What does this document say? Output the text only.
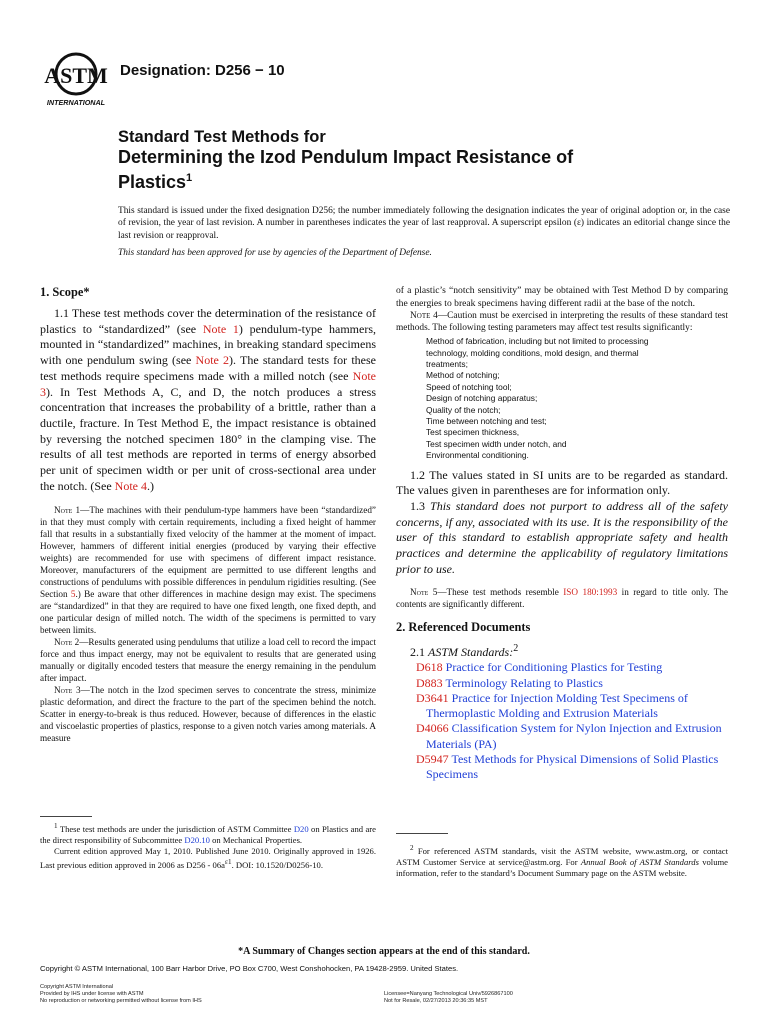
ASTM
INTERNATIONAL
Designation: D256 − 10
Standard Test Methods for
Determining the Izod Pendulum Impact Resistance of
Plastics$^1$
This standard is issued under the fixed designation D256; the number immediately following the designation indicates the year of original adoption or, in the case of revision, the year of last revision. A number in parentheses indicates the year of last reapproval. A superscript epsilon (ε) indicates an editorial change since the last revision or reapproval.
This standard has been approved for use by agencies of the Department of Defense.
1. Scope*

1.1 These test methods cover the determination of the resistance of plastics to “standardized” (see Note 1) pendulum-type hammers, mounted in “standardized” machines, in breaking standard specimens with one pendulum swing (see Note 2). The standard tests for these test methods require specimens made with a milled notch (see Note 3). In Test Methods A, C, and D, the notch produces a stress concentration that increases the probability of a brittle, rather than a ductile, fracture. In Test Method E, the impact resistance is obtained by reversing the notched specimen 180° in the clamping vise. The results of all test methods are reported in terms of energy absorbed per unit of specimen width or per unit of cross-sectional area under the notch. (See Note 4.)

Note 1—The machines with their pendulum-type hammers have been “standardized” in that they must comply with certain requirements, including a fixed height of hammer fall that results in a substantially fixed velocity of the hammer at the moment of impact. However, hammers of different initial energies (produced by varying their effective weights) are recommended for use with specimens of different impact resistance. Moreover, manufacturers of the equipment are permitted to use different lengths and constructions of pendulums with possible differences in pendulum rigidities resulting. (See Section 5.) Be aware that other differences in machine design may exist. The specimens are “standardized” in that they are required to have one fixed length, one fixed depth, and one particular design of milled notch. The width of the specimens is permitted to vary between limits.

Note 2—Results generated using pendulums that utilize a load cell to record the impact force and thus impact energy, may not be equivalent to results that are generated using manually or digitally encoded testers that measure the energy remaining in the pendulum after impact.

Note 3—The notch in the Izod specimen serves to concentrate the stress, minimize plastic deformation, and direct the fracture to the part of the specimen behind the notch. Scatter in energy-to-break is thus reduced. However, because of differences in the elastic and viscoelastic properties of plastics, response to a given notch varies among materials. A measure

$^1$ These test methods are under the jurisdiction of ASTM Committee D20 on Plastics and are the direct responsibility of Subcommittee D20.10 on Mechanical Properties.
Current edition approved May 1, 2010. Published June 2010. Originally approved in 1926. Last previous edition approved in 2006 as $D256 - 06a^{\varepsilon 1}$. DOI: 10.1520/D0256-10.

of a plastic’s “notch sensitivity” may be obtained with Test Method D by comparing the energies to break specimens having different radii at the base of the notch.

Note 4—Caution must be exercised in interpreting the results of these standard test methods. The following testing parameters may affect test results significantly:

Method of fabrication, including but not limited to processing
technology, molding conditions, mold design, and thermal
treatments;
Method of notching;
Speed of notching tool;
Design of notching apparatus;
Quality of the notch;
Time between notching and test;
Test specimen thickness,
Test specimen width under notch, and
Environmental conditioning.

1.2 The values stated in SI units are to be regarded as standard. The values given in parentheses are for information only.

1.3 This standard does not purport to address all of the safety concerns, if any, associated with its use. It is the responsibility of the user of this standard to establish appropriate safety and health practices and determine the applicability of regulatory limitations prior to use.

Note 5—These test methods resemble ISO 180:1993 in regard to title only. The contents are significantly different.

2. Referenced Documents

2.1 ASTM Standards:$^2$

D618 Practice for Conditioning Plastics for Testing
D883 Terminology Relating to Plastics
D3641 Practice for Injection Molding Test Specimens of Thermoplastic Molding and Extrusion Materials
D4066 Classification System for Nylon Injection and Extrusion Materials (PA)
D5947 Test Methods for Physical Dimensions of Solid Plastics Specimens
$^2$ For referenced ASTM standards, visit the ASTM website, www.astm.org, or contact ASTM Customer Service at service@astm.org. For Annual Book of ASTM Standards volume information, refer to the standard’s Document Summary page on the ASTM website.
*A Summary of Changes section appears at the end of this standard.
Copyright © ASTM International, 100 Barr Harbor Drive, PO Box C700, West Conshohocken, PA 19428-2959. United States.
Copyright ASTM International
Provided by IHS under license with ASTM
No reproduction or networking permitted without license from IHS
Licensee=Nanyang Technological Univ/5926867100
Not for Resale, 02/27/2013 20:36:35 MST
